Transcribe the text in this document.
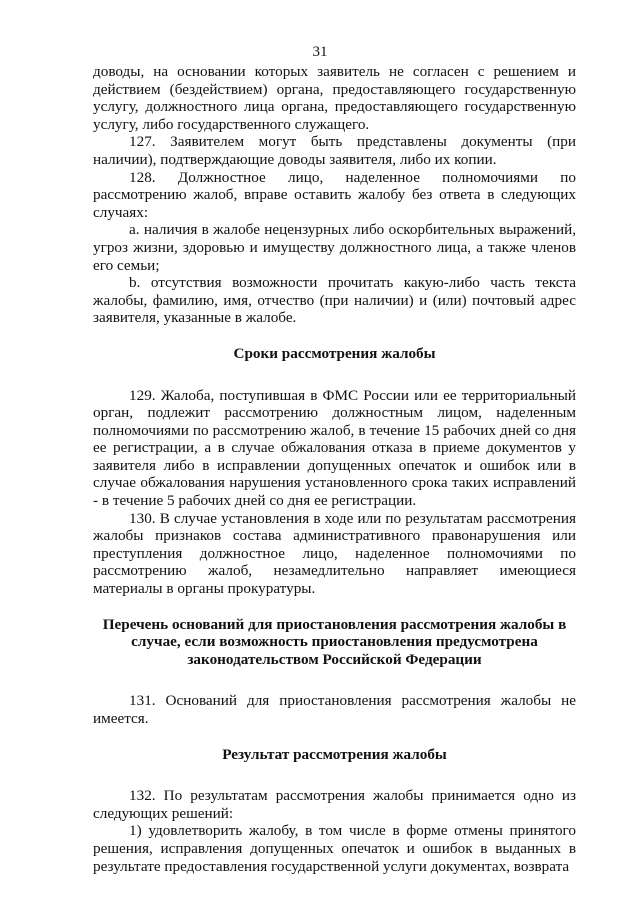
31

доводы, на основании которых заявитель не согласен с решением и действием (бездействием) органа, предоставляющего государственную услугу, должностного лица органа, предоставляющего государственную услугу, либо государственного служащего.

127. Заявителем могут быть представлены документы (при наличии), подтверждающие доводы заявителя, либо их копии.

128. Должностное лицо, наделенное полномочиями по рассмотрению жалоб, вправе оставить жалобу без ответа в следующих случаях:

а. наличия в жалобе нецензурных либо оскорбительных выражений, угроз жизни, здоровью и имуществу должностного лица, а также членов его семьи;

b. отсутствия возможности прочитать какую-либо часть текста жалобы, фамилию, имя, отчество (при наличии) и (или) почтовый адрес заявителя, указанные в жалобе.

Сроки рассмотрения жалобы

129. Жалоба, поступившая в ФМС России или ее территориальный орган, подлежит рассмотрению должностным лицом, наделенным полномочиями по рассмотрению жалоб, в течение 15 рабочих дней со дня ее регистрации, а в случае обжалования отказа в приеме документов у заявителя либо в исправлении допущенных опечаток и ошибок или в случае обжалования нарушения установленного срока таких исправлений - в течение 5 рабочих дней со дня ее регистрации.

130. В случае установления в ходе или по результатам рассмотрения жалобы признаков состава административного правонарушения или преступления должностное лицо, наделенное полномочиями по рассмотрению жалоб, незамедлительно направляет имеющиеся материалы в органы прокуратуры.

Перечень оснований для приостановления рассмотрения жалобы в случае, если возможность приостановления предусмотрена законодательством Российской Федерации

131. Оснований для приостановления рассмотрения жалобы не имеется.

Результат рассмотрения жалобы

132. По результатам рассмотрения жалобы принимается одно из следующих решений:

1) удовлетворить жалобу, в том числе в форме отмены принятого решения, исправления допущенных опечаток и ошибок в выданных в результате предоставления государственной услуги документах, возврата
